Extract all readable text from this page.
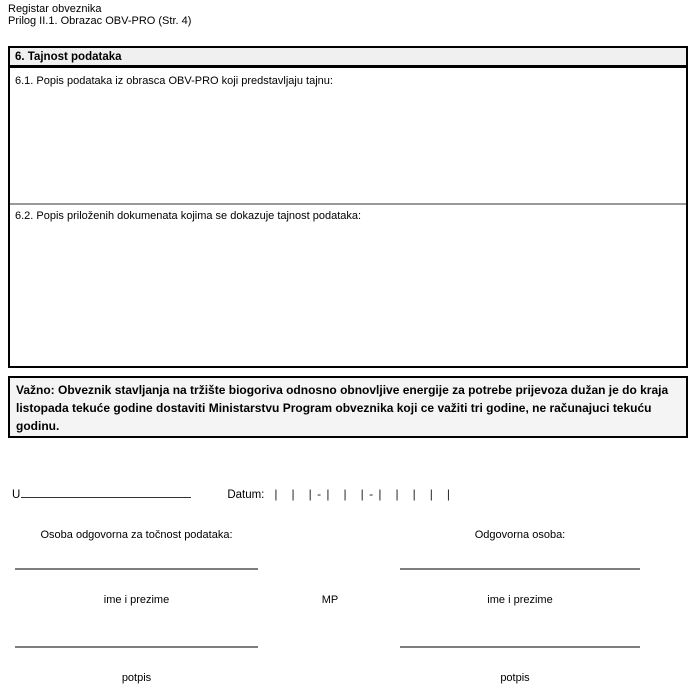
Registar obveznika
Prilog II.1. Obrazac OBV-PRO (Str. 4)
6. Tajnost podataka
6.1. Popis podataka iz obrasca OBV-PRO koji predstavljaju tajnu:
6.2. Popis priloženih dokumenata kojima se dokazuje tajnost podataka:
Važno: Obveznik stavljanja na tržište biogoriva odnosno obnovljive energije za potrebe prijevoza dužan je do kraja listopada tekuće godine dostaviti Ministarstvu Program obveznika koji ce važiti tri godine, ne računajuci tekuću godinu.
U	Datum: |   |   | - |   |   | - |   |   |   |   |
Osoba odgovorna za točnost podataka:	Odgovorna osoba:
ime i prezime	MP	ime i prezime
potpis	potpis
